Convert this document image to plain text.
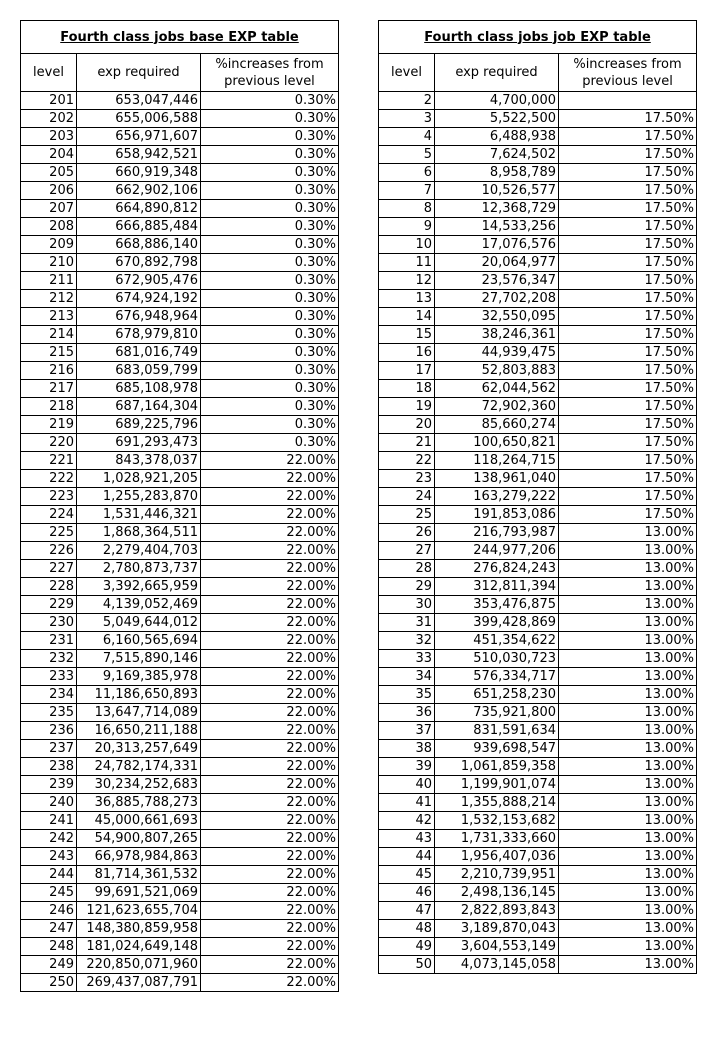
Fourth class jobs base EXP table		
level	exp required	%increases from previous level
201	653,047,446	0.30%
202	655,006,588	0.30%
203	656,971,607	0.30%
204	658,942,521	0.30%
205	660,919,348	0.30%
206	662,902,106	0.30%
207	664,890,812	0.30%
208	666,885,484	0.30%
209	668,886,140	0.30%
210	670,892,798	0.30%
211	672,905,476	0.30%
212	674,924,192	0.30%
213	676,948,964	0.30%
214	678,979,810	0.30%
215	681,016,749	0.30%
216	683,059,799	0.30%
217	685,108,978	0.30%
218	687,164,304	0.30%
219	689,225,796	0.30%
220	691,293,473	0.30%
221	843,378,037	22.00%
222	1,028,921,205	22.00%
223	1,255,283,870	22.00%
224	1,531,446,321	22.00%
225	1,868,364,511	22.00%
226	2,279,404,703	22.00%
227	2,780,873,737	22.00%
228	3,392,665,959	22.00%
229	4,139,052,469	22.00%
230	5,049,644,012	22.00%
231	6,160,565,694	22.00%
232	7,515,890,146	22.00%
233	9,169,385,978	22.00%
234	11,186,650,893	22.00%
235	13,647,714,089	22.00%
236	16,650,211,188	22.00%
237	20,313,257,649	22.00%
238	24,782,174,331	22.00%
239	30,234,252,683	22.00%
240	36,885,788,273	22.00%
241	45,000,661,693	22.00%
242	54,900,807,265	22.00%
243	66,978,984,863	22.00%
244	81,714,361,532	22.00%
245	99,691,521,069	22.00%
246	121,623,655,704	22.00%
247	148,380,859,958	22.00%
248	181,024,649,148	22.00%
249	220,850,071,960	22.00%
250	269,437,087,791	22.00%
Fourth class jobs job EXP table		
level	exp required	%increases from previous level
2	4,700,000	
3	5,522,500	17.50%
4	6,488,938	17.50%
5	7,624,502	17.50%
6	8,958,789	17.50%
7	10,526,577	17.50%
8	12,368,729	17.50%
9	14,533,256	17.50%
10	17,076,576	17.50%
11	20,064,977	17.50%
12	23,576,347	17.50%
13	27,702,208	17.50%
14	32,550,095	17.50%
15	38,246,361	17.50%
16	44,939,475	17.50%
17	52,803,883	17.50%
18	62,044,562	17.50%
19	72,902,360	17.50%
20	85,660,274	17.50%
21	100,650,821	17.50%
22	118,264,715	17.50%
23	138,961,040	17.50%
24	163,279,222	17.50%
25	191,853,086	17.50%
26	216,793,987	13.00%
27	244,977,206	13.00%
28	276,824,243	13.00%
29	312,811,394	13.00%
30	353,476,875	13.00%
31	399,428,869	13.00%
32	451,354,622	13.00%
33	510,030,723	13.00%
34	576,334,717	13.00%
35	651,258,230	13.00%
36	735,921,800	13.00%
37	831,591,634	13.00%
38	939,698,547	13.00%
39	1,061,859,358	13.00%
40	1,199,901,074	13.00%
41	1,355,888,214	13.00%
42	1,532,153,682	13.00%
43	1,731,333,660	13.00%
44	1,956,407,036	13.00%
45	2,210,739,951	13.00%
46	2,498,136,145	13.00%
47	2,822,893,843	13.00%
48	3,189,870,043	13.00%
49	3,604,553,149	13.00%
50	4,073,145,058	13.00%
